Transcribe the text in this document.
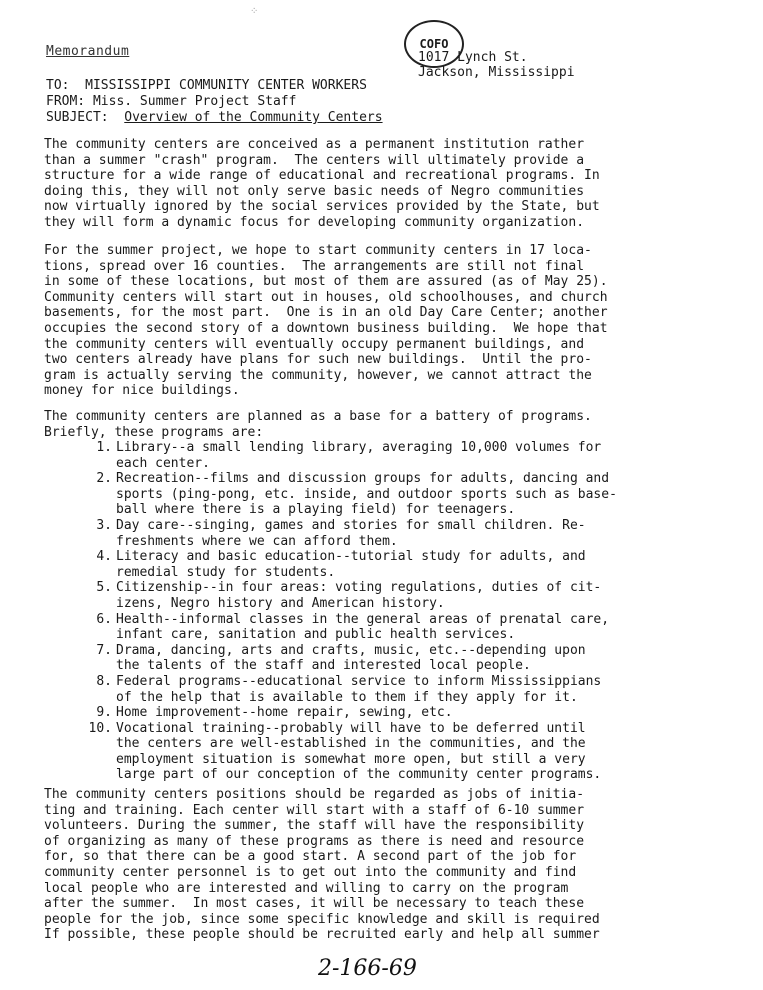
⁘
Memorandum	COFO
1017 Lynch St.
Jackson, Mississippi
TO:  MISSISSIPPI COMMUNITY CENTER WORKERS
FROM: Miss. Summer Project Staff
SUBJECT: Overview of the Community Centers
The community centers are conceived as a permanent institution rather
than a summer "crash" program.  The centers will ultimately provide a
structure for a wide range of educational and recreational programs. In
doing this, they will not only serve basic needs of Negro communities
now virtually ignored by the social services provided by the State, but
they will form a dynamic focus for developing community organization.
For the summer project, we hope to start community centers in 17 loca-
tions, spread over 16 counties.  The arrangements are still not final
in some of these locations, but most of them are assured (as of May 25).
Community centers will start out in houses, old schoolhouses, and church
basements, for the most part.  One is in an old Day Care Center; another
occupies the second story of a downtown business building.  We hope that
the community centers will eventually occupy permanent buildings, and
two centers already have plans for such new buildings.  Until the pro-
gram is actually serving the community, however, we cannot attract the
money for nice buildings.
The community centers are planned as a base for a battery of programs.
Briefly, these programs are:
1. Library--a small lending library, averaging 10,000 volumes for
each center.
2. Recreation--films and discussion groups for adults, dancing and
sports (ping-pong, etc. inside, and outdoor sports such as base-
ball where there is a playing field) for teenagers.
3. Day care--singing, games and stories for small children. Re-
freshments where we can afford them.
4. Literacy and basic education--tutorial study for adults, and
remedial study for students.
5. Citizenship--in four areas: voting regulations, duties of cit-
izens, Negro history and American history.
6. Health--informal classes in the general areas of prenatal care,
infant care, sanitation and public health services.
7. Drama, dancing, arts and crafts, music, etc.--depending upon
the talents of the staff and interested local people.
8. Federal programs--educational service to inform Mississippians
of the help that is available to them if they apply for it.
9. Home improvement--home repair, sewing, etc.
10. Vocational training--probably will have to be deferred until
the centers are well-established in the communities, and the
employment situation is somewhat more open, but still a very
large part of our conception of the community center programs.
The community centers positions should be regarded as jobs of initia-
ting and training. Each center will start with a staff of 6-10 summer
volunteers. During the summer, the staff will have the responsibility
of organizing as many of these programs as there is need and resource
for, so that there can be a good start. A second part of the job for
community center personnel is to get out into the community and find
local people who are interested and willing to carry on the program
after the summer.  In most cases, it will be necessary to teach these
people for the job, since some specific knowledge and skill is required
If possible, these people should be recruited early and help all summer
2-166-69
